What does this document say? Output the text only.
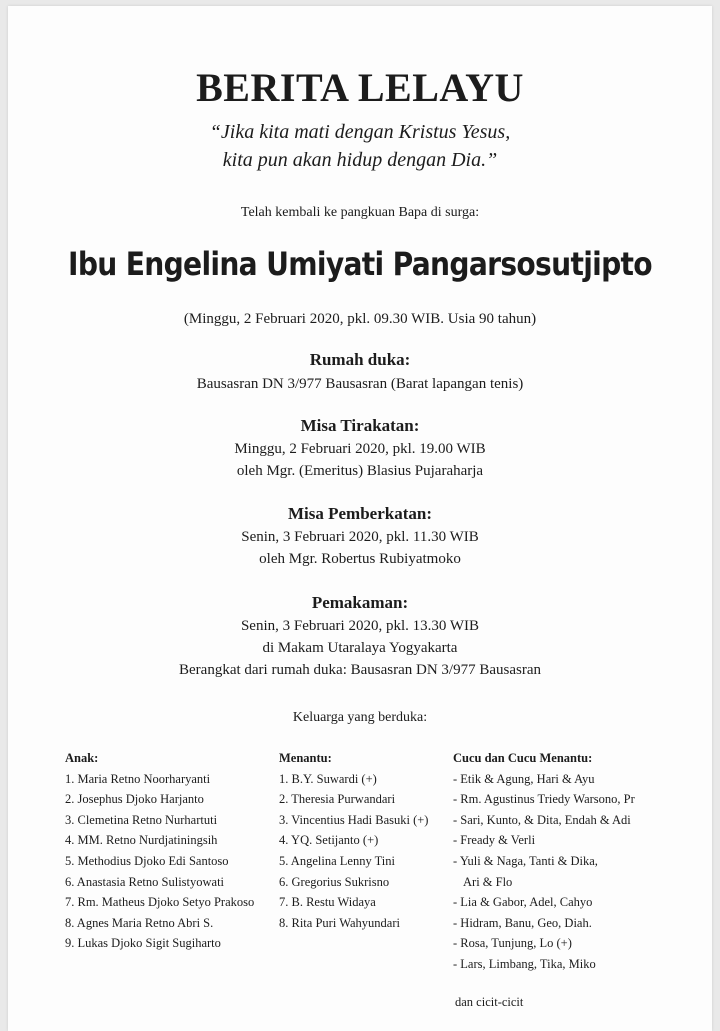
BERITA LELAYU
“Jika kita mati dengan Kristus Yesus,
kita pun akan hidup dengan Dia.”
Telah kembali ke pangkuan Bapa di surga:
Ibu Engelina Umiyati Pangarsosutjipto
(Minggu, 2 Februari 2020, pkl. 09.30 WIB. Usia 90 tahun)
Rumah duka:
Bausasran DN 3/977 Bausasran (Barat lapangan tenis)
Misa Tirakatan:
Minggu, 2 Februari 2020, pkl. 19.00 WIB
oleh Mgr. (Emeritus) Blasius Pujaraharja
Misa Pemberkatan:
Senin, 3 Februari 2020, pkl. 11.30 WIB
oleh Mgr. Robertus Rubiyatmoko
Pemakaman:
Senin, 3 Februari 2020, pkl. 13.30 WIB
di Makam Utaralaya Yogyakarta
Berangkat dari rumah duka: Bausasran DN 3/977 Bausasran
Keluarga yang berduka:
Anak:
1. Maria Retno Noorharyanti
2. Josephus Djoko Harjanto
3. Clemetina Retno Nurhartuti
4. MM. Retno Nurdjatiningsih
5. Methodius Djoko Edi Santoso
6. Anastasia Retno Sulistyowati
7. Rm. Matheus Djoko Setyo Prakoso
8. Agnes Maria Retno Abri S.
9. Lukas Djoko Sigit Sugiharto
Menantu:
1. B.Y. Suwardi (+)
2. Theresia Purwandari
3. Vincentius Hadi Basuki (+)
4. YQ. Setijanto (+)
5. Angelina Lenny Tini
6. Gregorius Sukrisno
7. B. Restu Widaya
8. Rita Puri Wahyundari
Cucu dan Cucu Menantu:
- Etik & Agung, Hari & Ayu
- Rm. Agustinus Triedy Warsono, Pr
- Sari, Kunto, & Dita, Endah & Adi
- Fready & Verli
- Yuli & Naga, Tanti & Dika,
Ari & Flo
- Lia & Gabor, Adel, Cahyo
- Hidram, Banu, Geo, Diah.
- Rosa, Tunjung, Lo (+)
- Lars, Limbang, Tika, Miko
dan cicit-cicit
